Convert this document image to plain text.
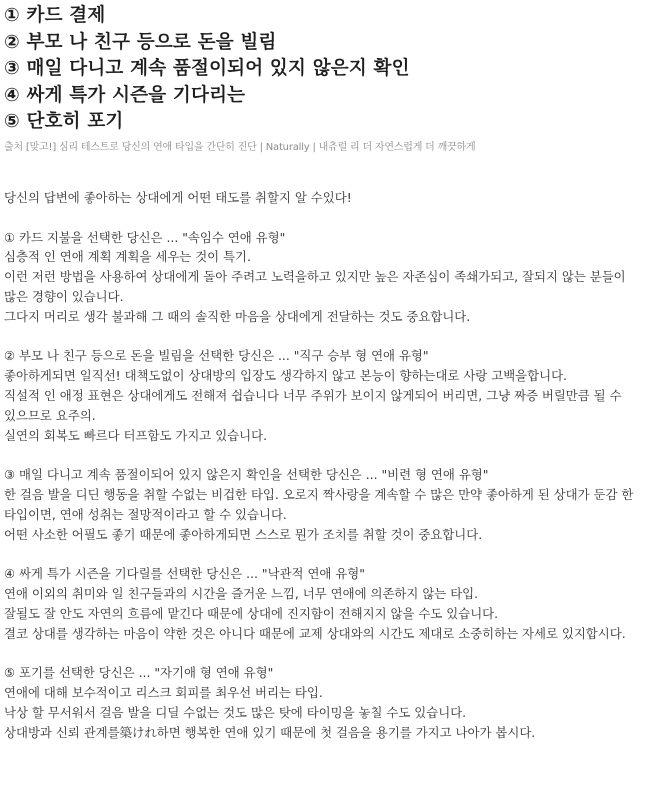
① 카드 결제
② 부모 나 친구 등으로 돈을 빌림
③ 매일 다니고 계속 품절이되어 있지 않은지 확인
④ 싸게 특가 시즌을 기다리는
⑤ 단호히 포기
출처 [맞고!] 심리 테스트로 당신의 연애 타입을 간단히 진단 | Naturally | 내츄럴 리 더 자연스럽게 더 깨끗하게

당신의 답변에 좋아하는 상대에게 어떤 태도를 취할지 알 수있다!

① 카드 지불을 선택한 당신은 ... "속임수 연애 유형"

심층적 인 연애 계획 계획을 세우는 것이 특기.

이런 저런 방법을 사용하여 상대에게 돌아 주려고 노력을하고 있지만 높은 자존심이 족쇄가되고, 잘되지 않는 분들이 많은 경향이 있습니다.

그다지 머리로 생각 불과해 그 때의 솔직한 마음을 상대에게 전달하는 것도 중요합니다.

② 부모 나 친구 등으로 돈을 빌림을 선택한 당신은 ... "직구 승부 형 연애 유형"

좋아하게되면 일직선! 대책도없이 상대방의 입장도 생각하지 않고 본능이 향하는대로 사랑 고백을합니다.

직설적 인 애정 표현은 상대에게도 전해져 쉽습니다 너무 주위가 보이지 않게되어 버리면, 그냥 짜증 버릴만큼 될 수 있으므로 요주의.

실연의 회복도 빠르다 터프함도 가지고 있습니다.

③ 매일 다니고 계속 품절이되어 있지 않은지 확인을 선택한 당신은 ... "비련 형 연애 유형"

한 걸음 발을 디딘 행동을 취할 수없는 비겁한 타입. 오로지 짝사랑을 계속할 수 많은 만약 좋아하게 된 상대가 둔감 한 타입이면, 연애 성취는 절망적이라고 할 수 있습니다.

어떤 사소한 어필도 좋기 때문에 좋아하게되면 스스로 뭔가 조치를 취할 것이 중요합니다.

④ 싸게 특가 시즌을 기다릴를 선택한 당신은 ... "낙관적 연애 유형"

연애 이외의 취미와 일 친구들과의 시간을 즐거운 느낌, 너무 연애에 의존하지 않는 타입.

잘될도 잘 안도 자연의 흐름에 맡긴다 때문에 상대에 진지함이 전해지지 않을 수도 있습니다.

결코 상대를 생각하는 마음이 약한 것은 아니다 때문에 교제 상대와의 시간도 제대로 소중히하는 자세로 있지합시다.

⑤ 포기를 선택한 당신은 ... "자기애 형 연애 유형"

연애에 대해 보수적이고 리스크 회피를 최우선 버리는 타입.

낙상 할 무서워서 걸음 발을 디딜 수없는 것도 많은 탓에 타이밍을 놓칠 수도 있습니다.

상대방과 신뢰 관계를築けれ하면 행복한 연애 있기 때문에 첫 걸음을 용기를 가지고 나아가 봅시다.
